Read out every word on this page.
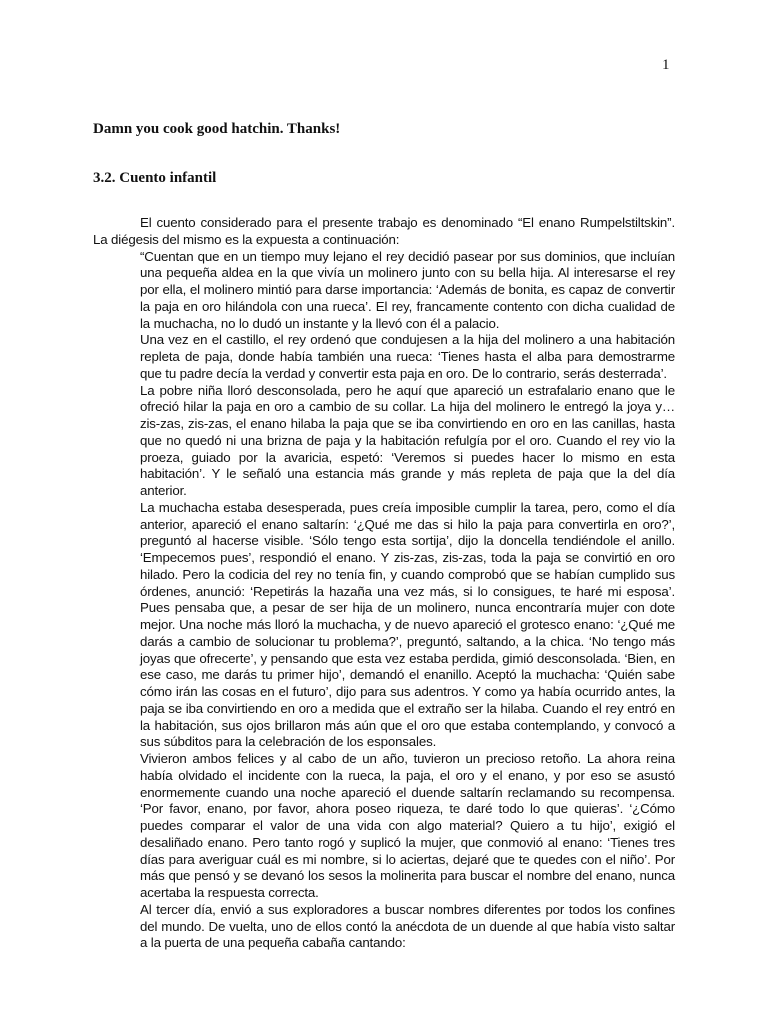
1
Damn you cook good hatchin. Thanks!
3.2. Cuento infantil

El cuento considerado para el presente trabajo es denominado “El enano Rumpelstiltskin”. La diégesis del mismo es la expuesta a continuación:

“Cuentan que en un tiempo muy lejano el rey decidió pasear por sus dominios, que incluían una pequeña aldea en la que vivía un molinero junto con su bella hija. Al interesarse el rey por ella, el molinero mintió para darse importancia: ‘Además de bonita, es capaz de convertir la paja en oro hilándola con una rueca’. El rey, francamente contento con dicha cualidad de la muchacha, no lo dudó un instante y la llevó con él a palacio.

Una vez en el castillo, el rey ordenó que condujesen a la hija del molinero a una habitación repleta de paja, donde había también una rueca: ‘Tienes hasta el alba para demostrarme que tu padre decía la verdad y convertir esta paja en oro. De lo contrario, serás desterrada’.

La pobre niña lloró desconsolada, pero he aquí que apareció un estrafalario enano que le ofreció hilar la paja en oro a cambio de su collar. La hija del molinero le entregó la joya y… zis-zas, zis-zas, el enano hilaba la paja que se iba convirtiendo en oro en las canillas, hasta que no quedó ni una brizna de paja y la habitación refulgía por el oro. Cuando el rey vio la proeza, guiado por la avaricia, espetó: ‘Veremos si puedes hacer lo mismo en esta habitación’. Y le señaló una estancia más grande y más repleta de paja que la del día anterior.

La muchacha estaba desesperada, pues creía imposible cumplir la tarea, pero, como el día anterior, apareció el enano saltarín: ‘¿Qué me das si hilo la paja para convertirla en oro?’, preguntó al hacerse visible. ‘Sólo tengo esta sortija’, dijo la doncella tendiéndole el anillo. ‘Empecemos pues’, respondió el enano. Y zis-zas, zis-zas, toda la paja se convirtió en oro hilado. Pero la codicia del rey no tenía fin, y cuando comprobó que se habían cumplido sus órdenes, anunció: ‘Repetirás la hazaña una vez más, si lo consigues, te haré mi esposa’. Pues pensaba que, a pesar de ser hija de un molinero, nunca encontraría mujer con dote mejor. Una noche más lloró la muchacha, y de nuevo apareció el grotesco enano: ‘¿Qué me darás a cambio de solucionar tu problema?’, preguntó, saltando, a la chica. ‘No tengo más joyas que ofrecerte’, y pensando que esta vez estaba perdida, gimió desconsolada. ‘Bien, en ese caso, me darás tu primer hijo’, demandó el enanillo. Aceptó la muchacha: ‘Quién sabe cómo irán las cosas en el futuro’, dijo para sus adentros. Y como ya había ocurrido antes, la paja se iba convirtiendo en oro a medida que el extraño ser la hilaba. Cuando el rey entró en la habitación, sus ojos brillaron más aún que el oro que estaba contemplando, y convocó a sus súbditos para la celebración de los esponsales.

Vivieron ambos felices y al cabo de un año, tuvieron un precioso retoño. La ahora reina había olvidado el incidente con la rueca, la paja, el oro y el enano, y por eso se asustó enormemente cuando una noche apareció el duende saltarín reclamando su recompensa. ‘Por favor, enano, por favor, ahora poseo riqueza, te daré todo lo que quieras’. ‘¿Cómo puedes comparar el valor de una vida con algo material? Quiero a tu hijo’, exigió el desaliñado enano. Pero tanto rogó y suplicó la mujer, que conmovió al enano: ‘Tienes tres días para averiguar cuál es mi nombre, si lo aciertas, dejaré que te quedes con el niño’. Por más que pensó y se devanó los sesos la molinerita para buscar el nombre del enano, nunca acertaba la respuesta correcta.

Al tercer día, envió a sus exploradores a buscar nombres diferentes por todos los confines del mundo. De vuelta, uno de ellos contó la anécdota de un duende al que había visto saltar a la puerta de una pequeña cabaña cantando:
